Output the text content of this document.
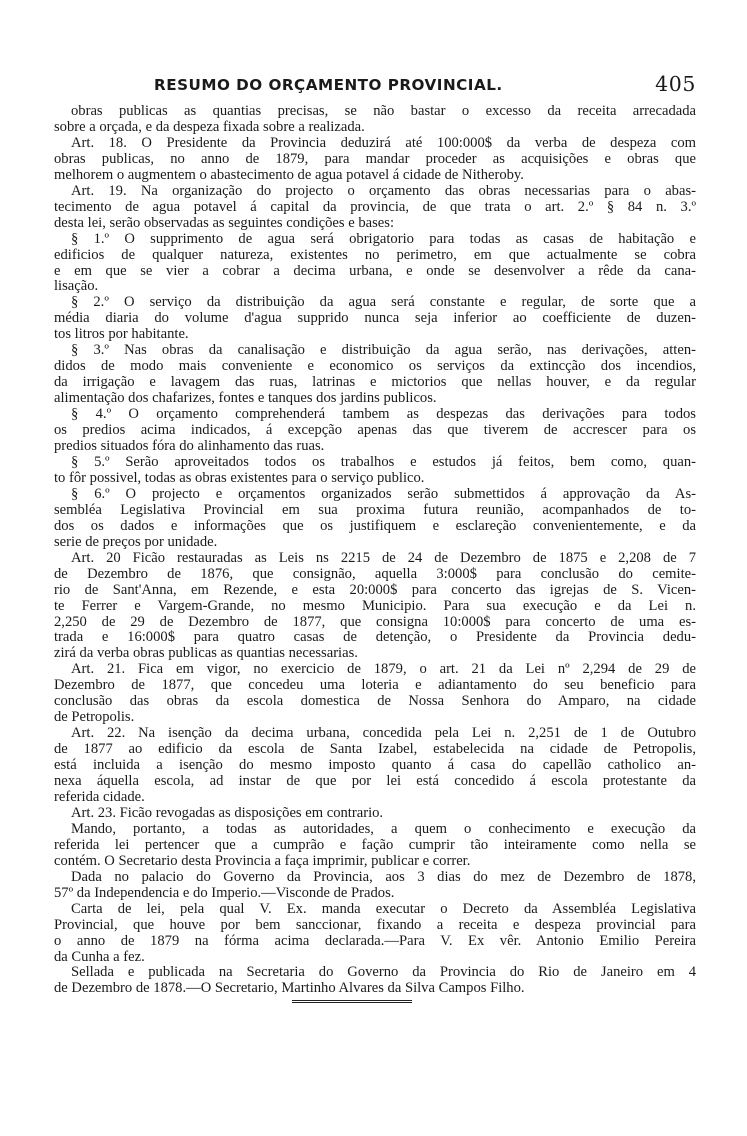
RESUMO DO ORÇAMENTO PROVINCIAL.	405

obras publicas as quantias precisas, se não bastar o excesso da receita arrecadada

sobre a orçada, e da despeza fixada sobre a realizada.

Art. 18. O Presidente da Provincia deduzirá até 100:000$ da verba de despeza com

obras publicas, no anno de 1879, para mandar proceder as acquisições e obras que

melhorem o augmentem o abastecimento de agua potavel á cidade de Nitheroby.

Art. 19. Na organização do projecto o orçamento das obras necessarias para o abas-

tecimento de agua potavel á capital da provincia, de que trata o art. 2.º § 84 n. 3.º

desta lei, serão observadas as seguintes condições e bases:

§ 1.º O supprimento de agua será obrigatorio para todas as casas de habitação e

edificios de qualquer natureza, existentes no perimetro, em que actualmente se cobra

e em que se vier a cobrar a decima urbana, e onde se desenvolver a rêde da cana-

lisação.

§ 2.º O serviço da distribuição da agua será constante e regular, de sorte que a

média diaria do volume d'agua supprido nunca seja inferior ao coefficiente de duzen-

tos litros por habitante.

§ 3.º Nas obras da canalisação e distribuição da agua serão, nas derivações, atten-

didos de modo mais conveniente e economico os serviços da extincção dos incendios,

da irrigação e lavagem das ruas, latrinas e mictorios que nellas houver, e da regular

alimentação dos chafarizes, fontes e tanques dos jardins publicos.

§ 4.º O orçamento comprehenderá tambem as despezas das derivações para todos

os predios acima indicados, á excepção apenas das que tiverem de accrescer para os

predios situados fóra do alinhamento das ruas.

§ 5.º Serão aproveitados todos os trabalhos e estudos já feitos, bem como, quan-

to fôr possivel, todas as obras existentes para o serviço publico.

§ 6.º O projecto e orçamentos organizados serão submettidos á approvação da As-

sembléa Legislativa Provincial em sua proxima futura reunião, acompanhados de to-

dos os dados e informações que os justifiquem e esclareção convenientemente, e da

serie de preços por unidade.

Art. 20 Ficão restauradas as Leis ns 2215 de 24 de Dezembro de 1875 e 2,208 de 7

de Dezembro de 1876, que consignão, aquella 3:000$ para conclusão do cemite-

rio de Sant'Anna, em Rezende, e esta 20:000$ para concerto das igrejas de S. Vicen-

te Ferrer e Vargem-Grande, no mesmo Municipio. Para sua execução e da Lei n.

2,250 de 29 de Dezembro de 1877, que consigna 10:000$ para concerto de uma es-

trada e 16:000$ para quatro casas de detenção, o Presidente da Provincia dedu-

zirá da verba obras publicas as quantias necessarias.

Art. 21. Fica em vigor, no exercicio de 1879, o art. 21 da Lei nº 2,294 de 29 de

Dezembro de 1877, que concedeu uma loteria e adiantamento do seu beneficio para

conclusão das obras da escola domestica de Nossa Senhora do Amparo, na cidade

de Petropolis.

Art. 22. Na isenção da decima urbana, concedida pela Lei n. 2,251 de 1 de Outubro

de 1877 ao edificio da escola de Santa Izabel, estabelecida na cidade de Petropolis,

está incluida a isenção do mesmo imposto quanto á casa do capellão catholico an-

nexa áquella escola, ad instar de que por lei está concedido á escola protestante da

referida cidade.

Art. 23. Ficão revogadas as disposições em contrario.

Mando, portanto, a todas as autoridades, a quem o conhecimento e execução da

referida lei pertencer que a cumprão e fação cumprir tão inteiramente como nella se

contém. O Secretario desta Provincia a faça imprimir, publicar e correr.

Dada no palacio do Governo da Provincia, aos 3 dias do mez de Dezembro de 1878,

57º da Independencia e do Imperio.—Visconde de Prados.

Carta de lei, pela qual V. Ex. manda executar o Decreto da Assembléa Legislativa

Provincial, que houve por bem sanccionar, fixando a receita e despeza provincial para

o anno de 1879 na fórma acima declarada.—Para V. Ex vêr. Antonio Emilio Pereira

da Cunha a fez.

Sellada e publicada na Secretaria do Governo da Provincia do Rio de Janeiro em 4

de Dezembro de 1878.—O Secretario, Martinho Alvares da Silva Campos Filho.
